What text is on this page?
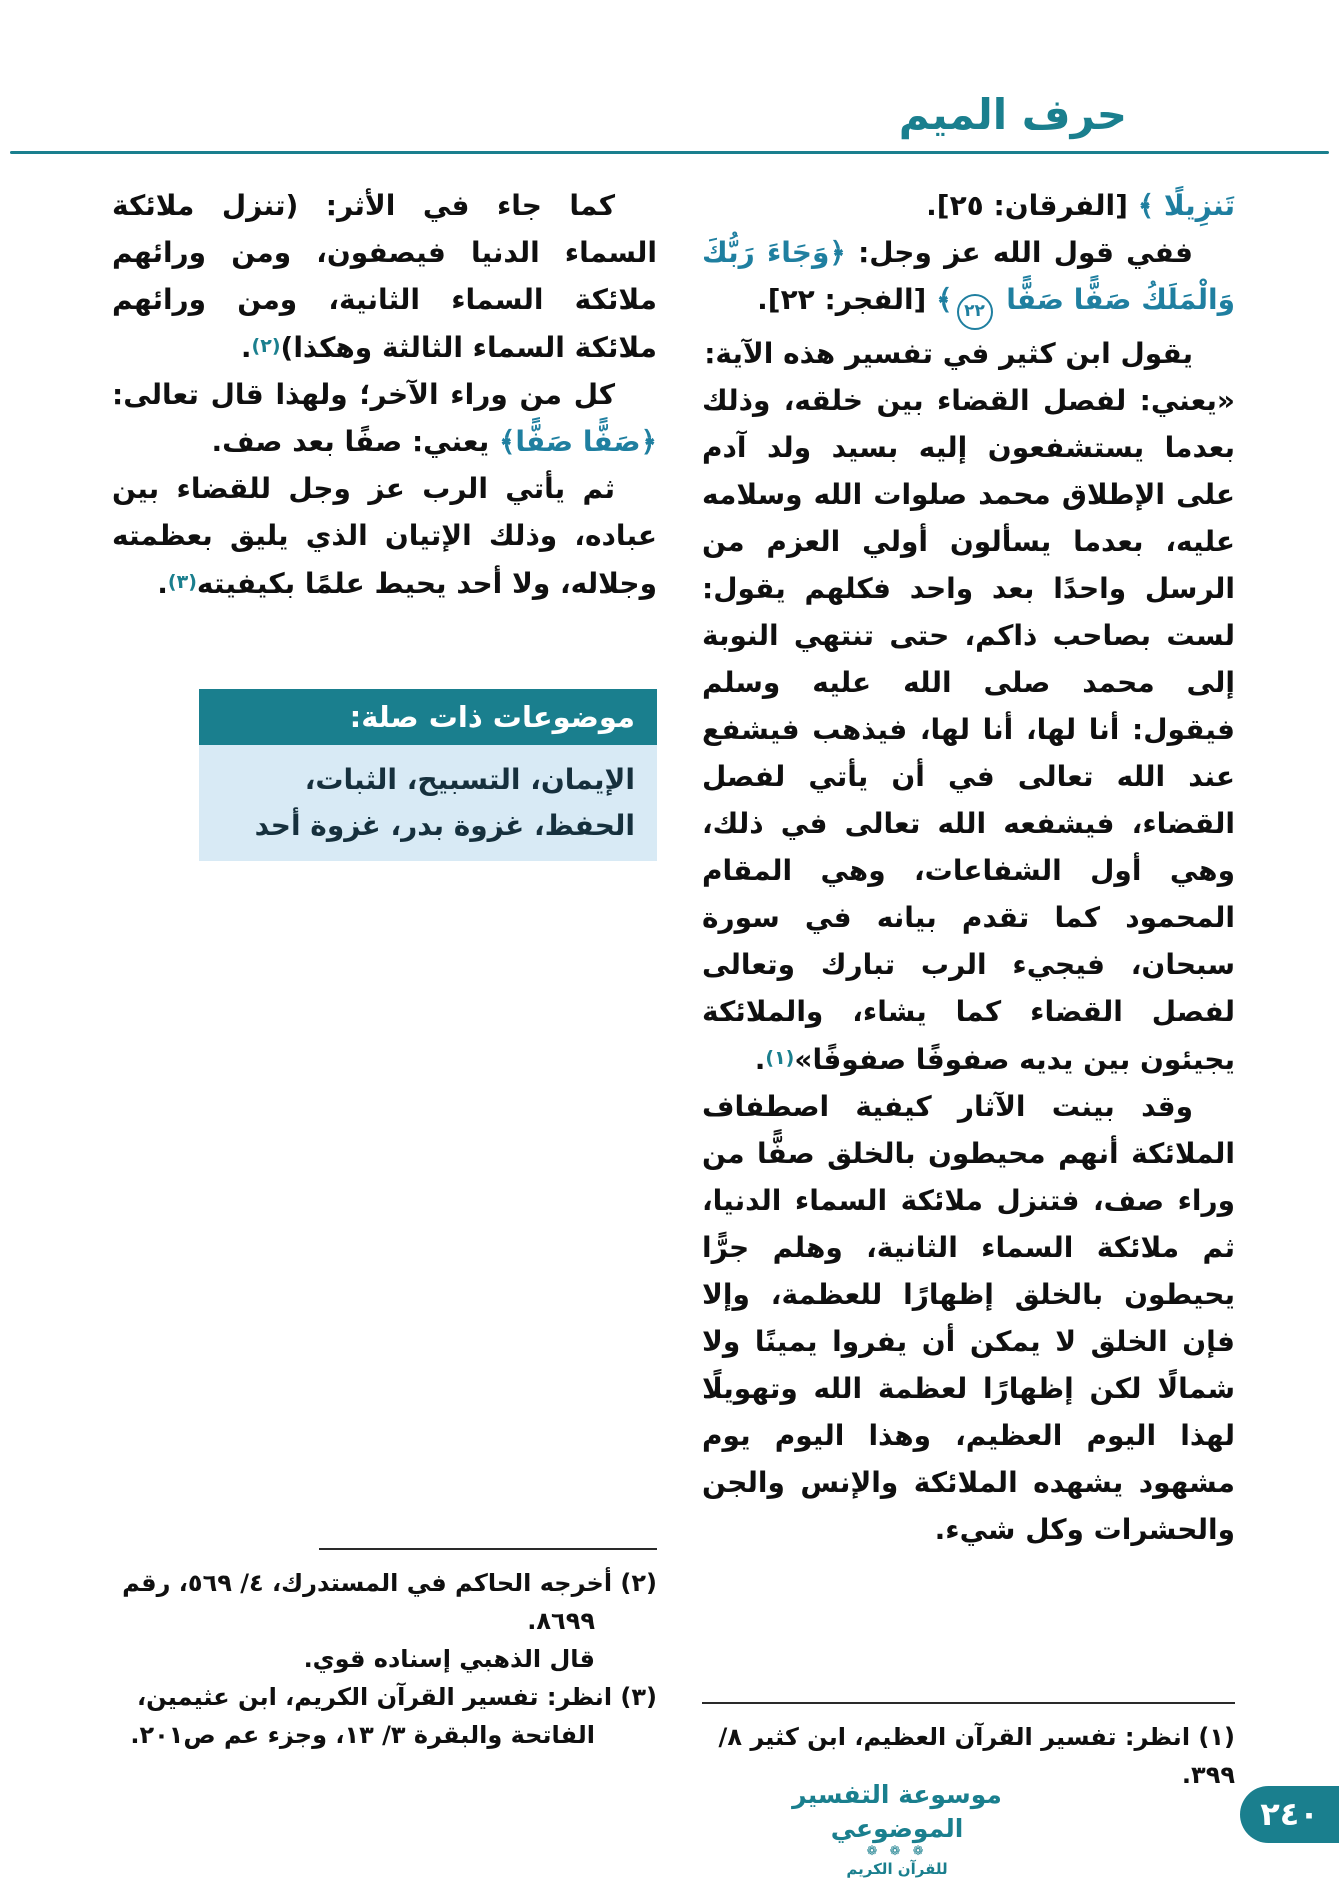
حرف الميم

تَنزِيلًا ﴾ [الفرقان: ٢٥].

ففي قول الله عز وجل: ﴿وَجَاءَ رَبُّكَ وَالْمَلَكُ صَفًّا صَفًّا ٢٢﴾ [الفجر: ٢٢].

يقول ابن كثير في تفسير هذه الآية:

«يعني: لفصل القضاء بين خلقه، وذلك بعدما يستشفعون إليه بسيد ولد آدم على الإطلاق محمد صلوات الله وسلامه عليه، بعدما يسألون أولي العزم من الرسل واحدًا بعد واحد فكلهم يقول: لست بصاحب ذاكم، حتى تنتهي النوبة إلى محمد صلى الله عليه وسلم فيقول: أنا لها، أنا لها، فيذهب فيشفع عند الله تعالى في أن يأتي لفصل القضاء، فيشفعه الله تعالى في ذلك، وهي أول الشفاعات، وهي المقام المحمود كما تقدم بيانه في سورة سبحان، فيجيء الرب تبارك وتعالى لفصل القضاء كما يشاء، والملائكة يجيئون بين يديه صفوفًا صفوفًا»(١).

وقد بينت الآثار كيفية اصطفاف الملائكة أنهم محيطون بالخلق صفًّا من وراء صف، فتنزل ملائكة السماء الدنيا، ثم ملائكة السماء الثانية، وهلم جرًّا يحيطون بالخلق إظهارًا للعظمة، وإلا فإن الخلق لا يمكن أن يفروا يمينًا ولا شمالًا لكن إظهارًا لعظمة الله وتهويلًا لهذا اليوم العظيم، وهذا اليوم يوم مشهود يشهده الملائكة والإنس والجن والحشرات وكل شيء.

كما جاء في الأثر: (تنزل ملائكة السماء الدنيا فيصفون، ومن ورائهم ملائكة السماء الثانية، ومن ورائهم ملائكة السماء الثالثة وهكذا)(٢).

كل من وراء الآخر؛ ولهذا قال تعالى: ﴿صَفًّا صَفًّا﴾ يعني: صفًا بعد صف.

ثم يأتي الرب عز وجل للقضاء بين عباده، وذلك الإتيان الذي يليق بعظمته وجلاله، ولا أحد يحيط علمًا بكيفيته(٣).

موضوعات ذات صلة:
الإيمان، التسبيح، الثبات، الحفظ، غزوة بدر، غزوة أحد
(٢) أخرجه الحاكم في المستدرك، ٤/ ٥٦٩، رقم
٨٦٩٩.
قال الذهبي إسناده قوي.
(٣) انظر: تفسير القرآن الكريم، ابن عثيمين،
الفاتحة والبقرة ٣/ ١٣، وجزء عم ص٢٠١.	(١) انظر: تفسير القرآن العظيم، ابن كثير ٨/ ٣٩٩.
موسوعة التفسير الموضوعي
❁ ❁ ❁
للقرآن الكريم
٢٤٠
